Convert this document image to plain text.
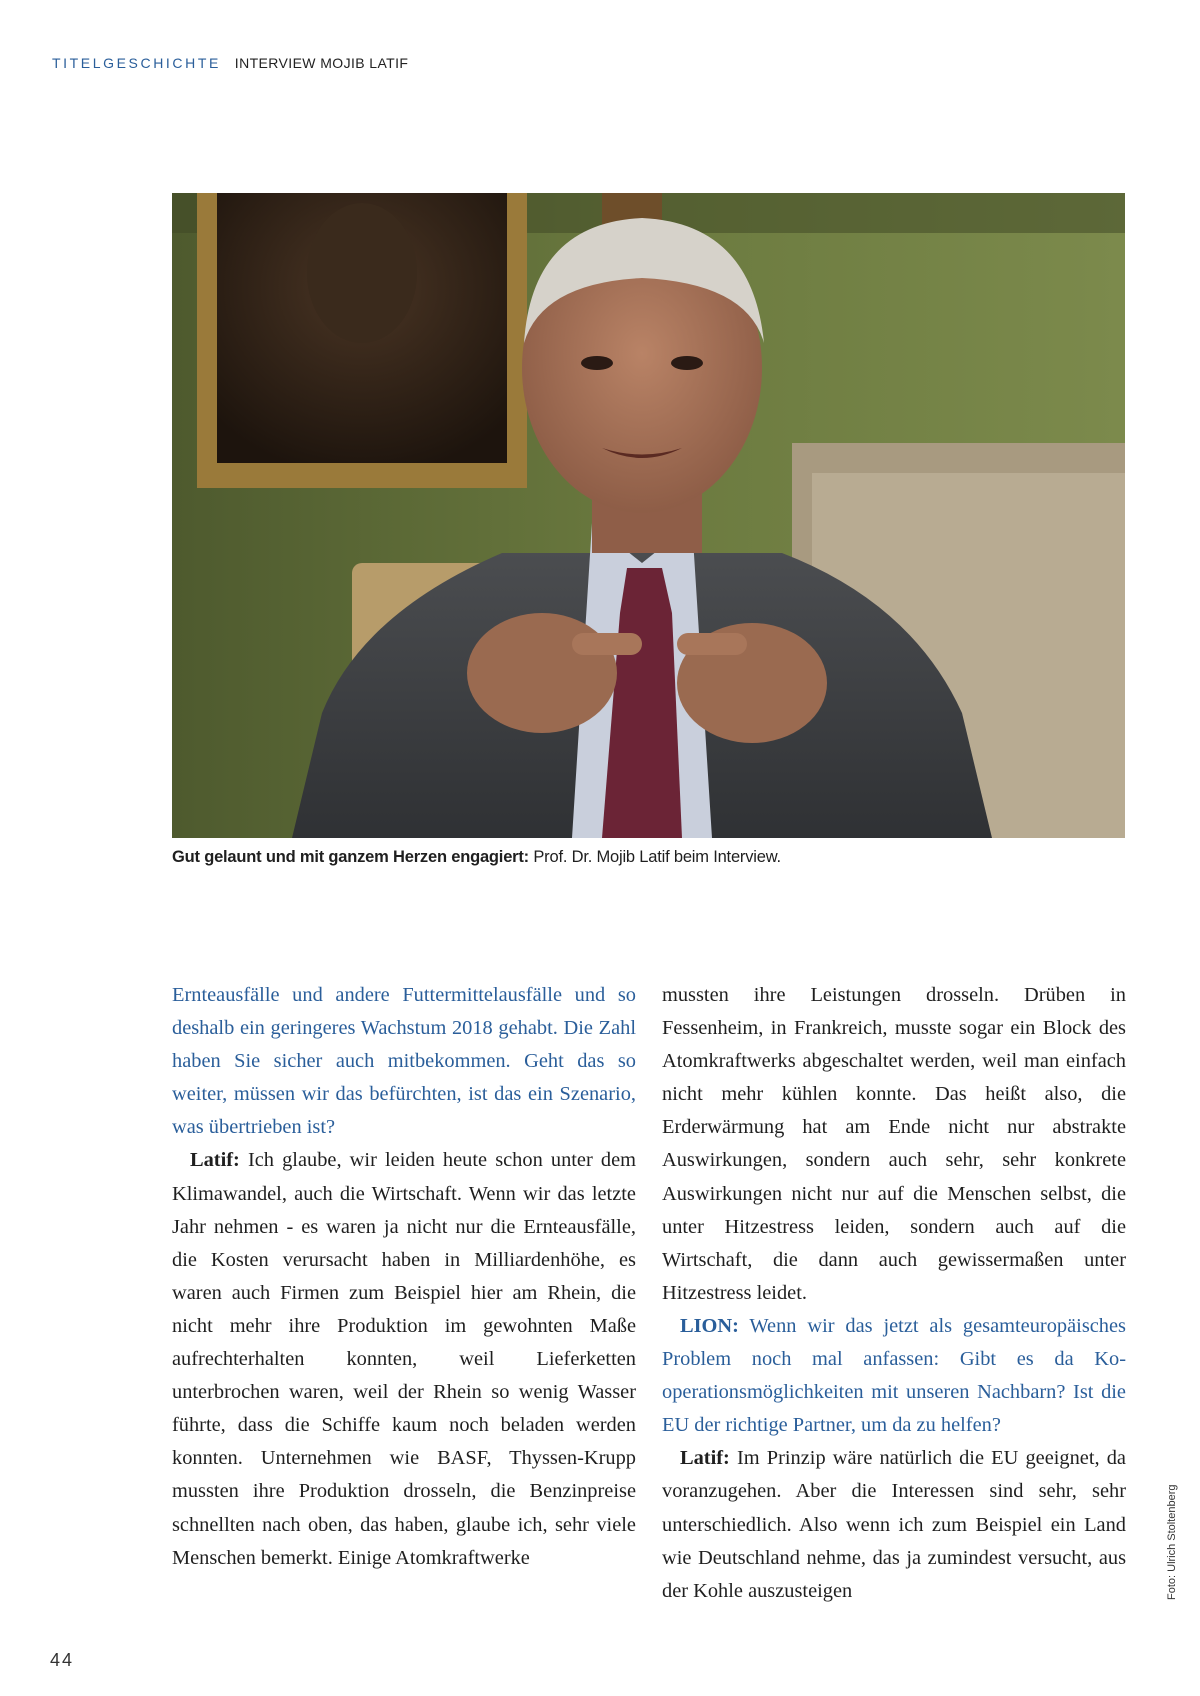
TITELGESCHICHTE INTERVIEW MOJIB LATIF
Gut gelaunt und mit ganzem Herzen engagiert: Prof. Dr. Mojib Latif beim Interview.

Ernteausfälle und andere Futtermittelausfälle und so deshalb ein geringeres Wachstum 2018 gehabt. Die Zahl haben Sie sicher auch mitbekommen. Geht das so weiter, müssen wir das befürchten, ist das ein Szenario, was übertrieben ist?

Latif: Ich glaube, wir leiden heute schon unter dem Klimawandel, auch die Wirtschaft. Wenn wir das letzte Jahr nehmen - es waren ja nicht nur die Ernteausfälle, die Kosten verursacht haben in Milliardenhöhe, es waren auch Firmen zum Beispiel hier am Rhein, die nicht mehr ihre Produktion im gewohnten Maße aufrechterhalten konnten, weil Lieferketten unterbrochen waren, weil der Rhein so wenig Wasser führte, dass die Schiffe kaum noch beladen werden konnten. Unternehmen wie BASF, Thyssen-Krupp mussten ihre Produktion drosseln, die Benzinpreise schnellten nach oben, das haben, glaube ich, sehr viele Menschen bemerkt. Einige Atomkraftwerke

mussten ihre Leistungen drosseln. Drüben in Fessenheim, in Frankreich, musste sogar ein Block des Atomkraftwerks abgeschaltet werden, weil man einfach nicht mehr kühlen konnte. Das heißt also, die Erderwärmung hat am Ende nicht nur abstrakte Auswirkungen, sondern auch sehr, sehr konkrete Auswirkungen nicht nur auf die Menschen selbst, die unter Hitzestress leiden, sondern auch auf die Wirtschaft, die dann auch gewissermaßen unter Hitzestress leidet.

LION: Wenn wir das jetzt als gesamteuropäisches Problem noch mal anfassen: Gibt es da Kooperationsmöglichkeiten mit unseren Nachbarn? Ist die EU der richtige Partner, um da zu helfen?

Latif: Im Prinzip wäre natürlich die EU geeignet, da voranzugehen. Aber die Interessen sind sehr, sehr unterschiedlich. Also wenn ich zum Beispiel ein Land wie Deutschland nehme, das ja zumindest versucht, aus der Kohle auszusteigen	Foto: Ulrich Stoltenberg
44
